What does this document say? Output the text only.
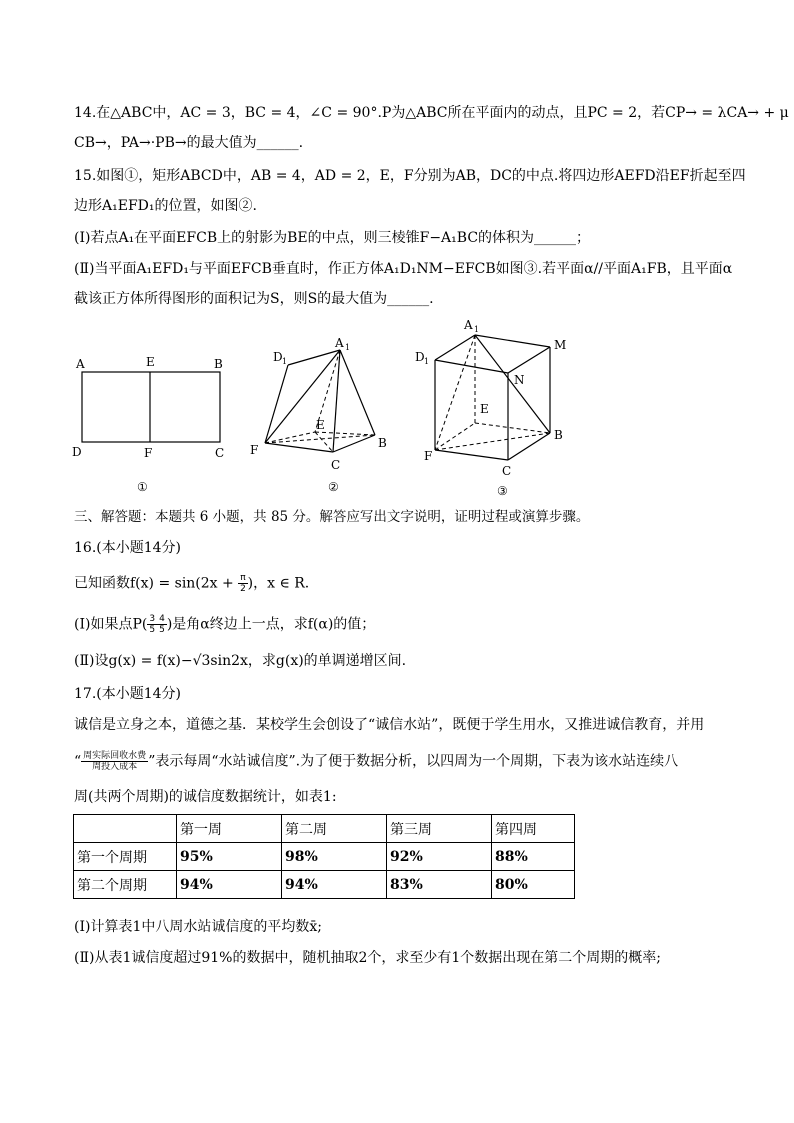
14.在△ABC中，AC = 3，BC = 4，∠C = 90°.P为△ABC所在平面内的动点，且PC = 2，若CP→ = λCA→ + μ
CB→，PA→·PB→的最大值为______.
15.如图①，矩形ABCD中，AB = 4，AD = 2，E，F分别为AB，DC的中点.将四边形AEFD沿EF折起至四
边形A₁EFD₁的位置，如图②.
(Ⅰ)若点A₁在平面EFCB上的射影为BE的中点，则三棱锥F−A₁BC的体积为______；
(Ⅱ)当平面A₁EFD₁与平面EFCB垂直时，作正方体A₁D₁NM−EFCB如图③.若平面α//平面A₁FB，且平面α
截该正方体所得图形的面积记为S，则S的最大值为______.
A	E	B
D	F	C
①
D 1
A 1
E
B
F
C
②
A 1
M
D 1
N
E
B
F
C
③
三、解答题：本题共 6 小题，共 85 分。解答应写出文字说明，证明过程或演算步骤。
16.(本小题14分)
已知函数$f(x) = \sin(2x + \frac{\pi}{2}$ )，x ∈ R.
(Ⅰ)如果点$P( \frac{3}{5} \frac{4}{5}$ )是角α终边上一点，求f(α)的值；
(Ⅱ)设g(x) = f(x)−√3sin2x，求g(x)的单调递增区间.
17.(本小题14分)
诚信是立身之本，道德之基．某校学生会创设了“诚信水站”，既便于学生用水，又推进诚信教育，并用
“ $\frac{\text{周实际回收水费}}{\text{周投入成本}}$ ”表示每周“水站诚信度”.为了便于数据分析，以四周为一个周期，下表为该水站连续八
周(共两个周期)的诚信度数据统计，如表1:
	第一周	第二周	第三周	第四周
第一个周期	95%	98%	92%	88%
第二个周期	94%	94%	83%	80%
(Ⅰ)计算表1中八周水站诚信度的平均数x̄;
(Ⅱ)从表1诚信度超过91%的数据中，随机抽取2个，求至少有1个数据出现在第二个周期的概率;
